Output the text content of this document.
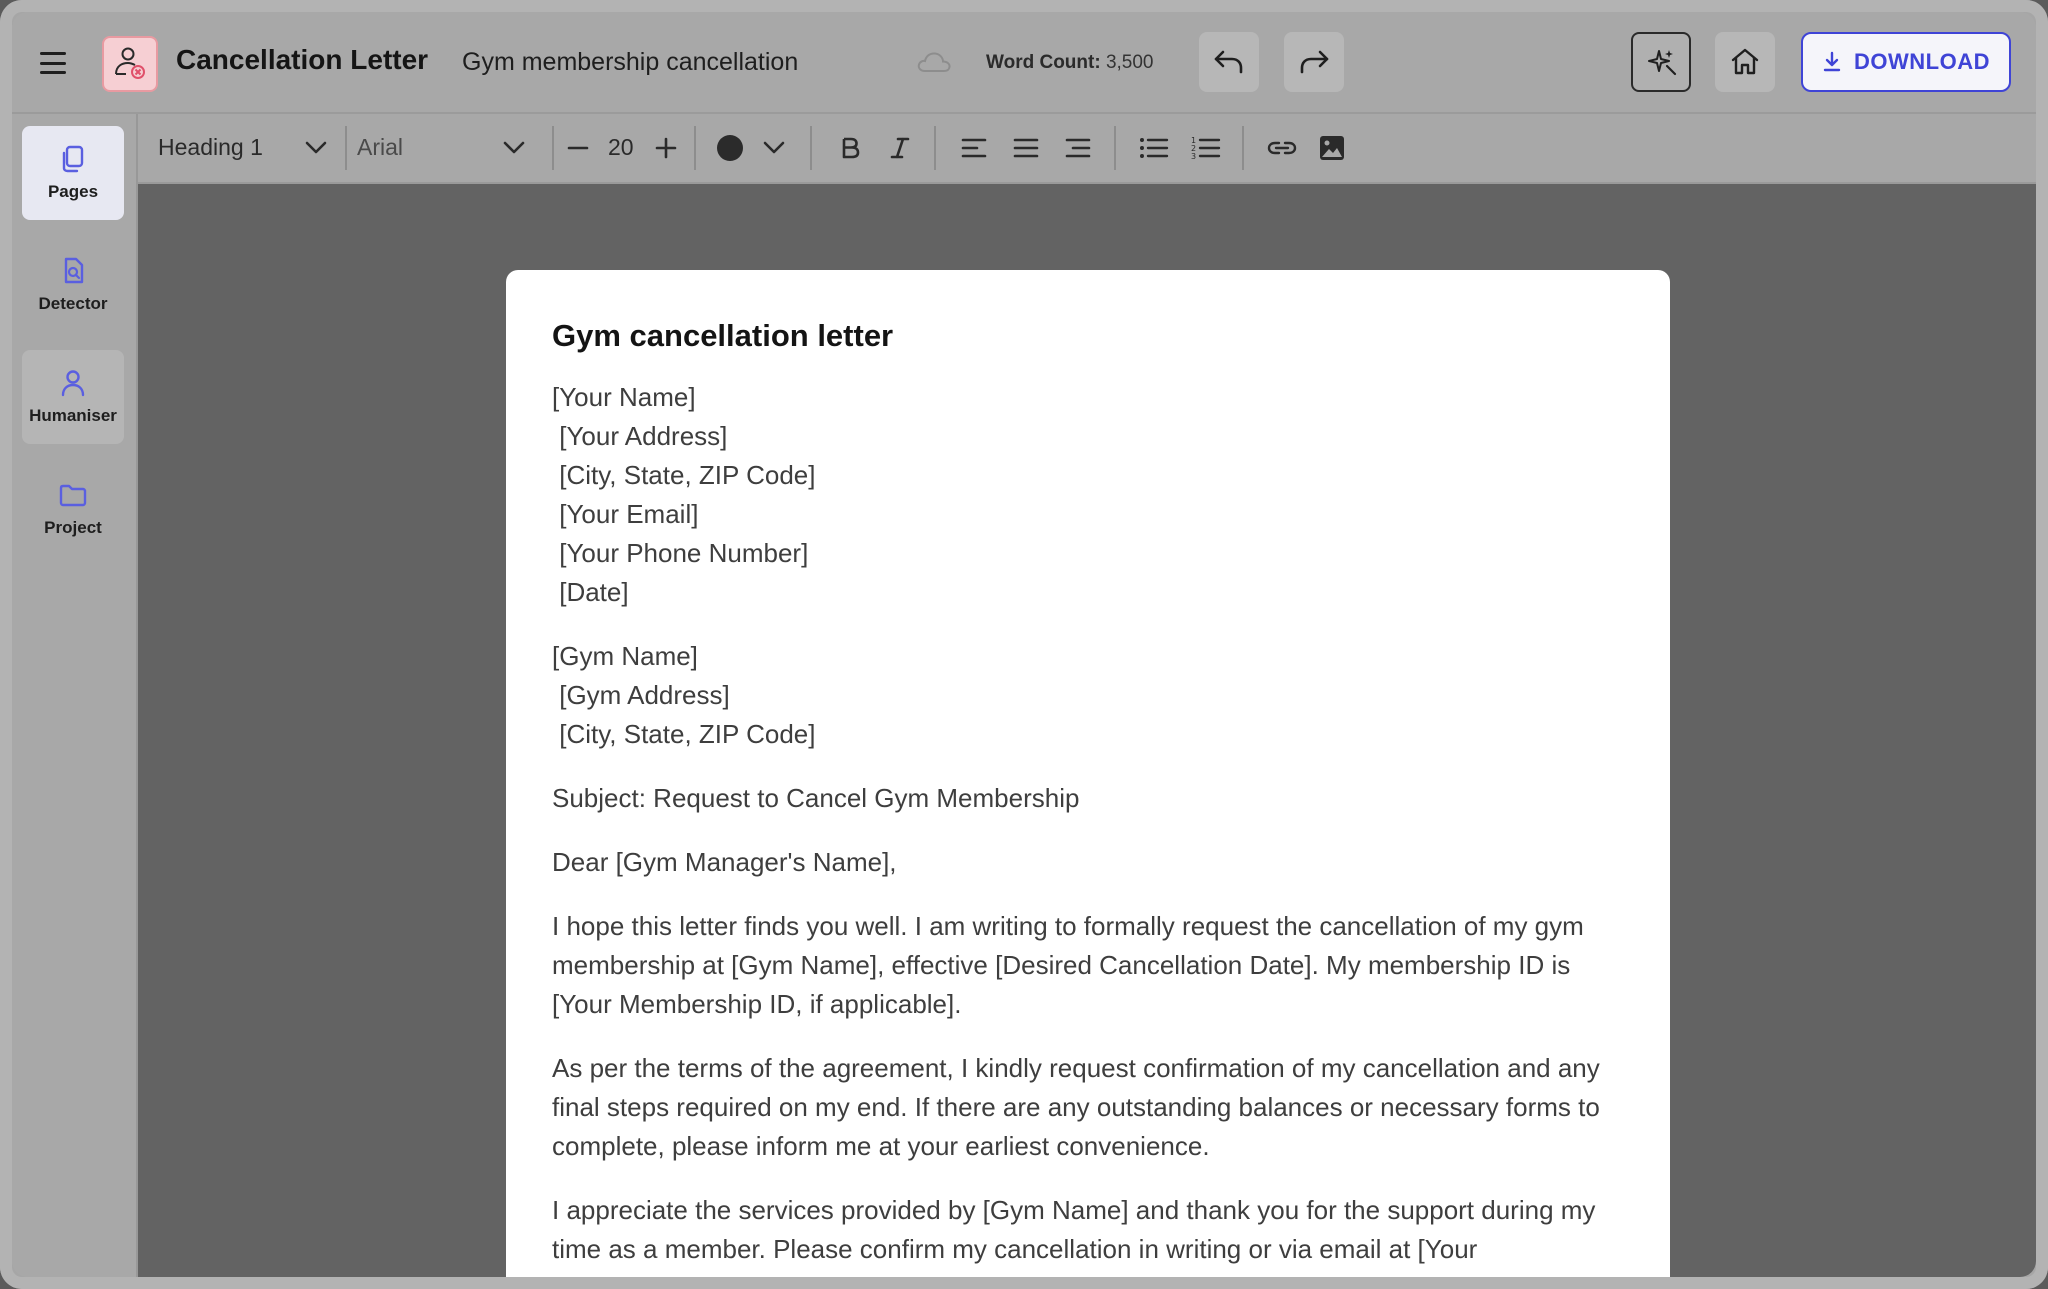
Cancellation Letter Gym membership cancellation	Word Count: 3,500	DOWNLOAD
Pages
Detector
Humaniser
Project
Heading 1	Arial	20	1
2
3
Gym cancellation letter
[Your Name]
[Your Address]
[City, State, ZIP Code]
[Your Email]
[Your Phone Number]
[Date]
[Gym Name]
[Gym Address]
[City, State, ZIP Code]
Subject: Request to Cancel Gym Membership
Dear [Gym Manager's Name],
I hope this letter finds you well. I am writing to formally request the cancellation of my gym membership at [Gym Name], effective [Desired Cancellation Date]. My membership ID is [Your Membership ID, if applicable].
As per the terms of the agreement, I kindly request confirmation of my cancellation and any final steps required on my end. If there are any outstanding balances or necessary forms to complete, please inform me at your earliest convenience.
I appreciate the services provided by [Gym Name] and thank you for the support during my time as a member. Please confirm my cancellation in writing or via email at [Your
